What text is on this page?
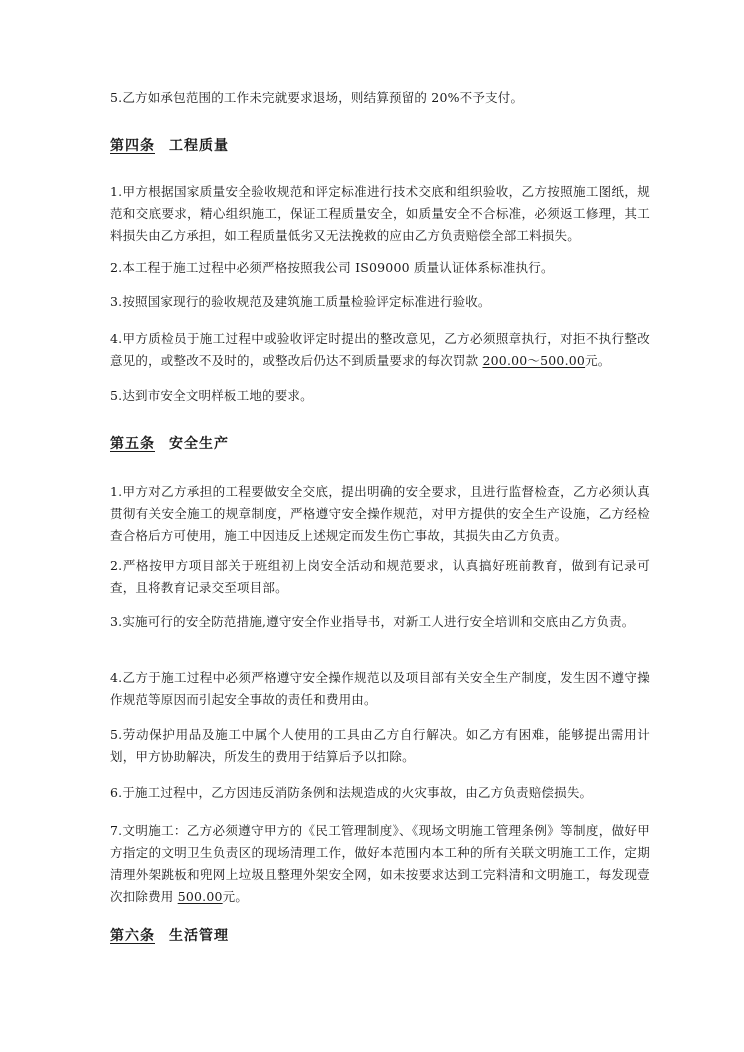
5.乙方如承包范围的工作未完就要求退场，则结算预留的 20%不予支付。
第四条 工程质量
1.甲方根据国家质量安全验收规范和评定标准进行技术交底和组织验收，乙方按照施工图纸，规范和交底要求，精心组织施工，保证工程质量安全，如质量安全不合标准，必须返工修理，其工料损失由乙方承担，如工程质量低劣又无法挽救的应由乙方负责赔偿全部工料损失。
2.本工程于施工过程中必须严格按照我公司 IS09000 质量认证体系标准执行。
3.按照国家现行的验收规范及建筑施工质量检验评定标准进行验收。
4.甲方质检员于施工过程中或验收评定时提出的整改意见，乙方必须照章执行，对拒不执行整改意见的，或整改不及时的，或整改后仍达不到质量要求的每次罚款 200.00～500.00元。
5.达到市安全文明样板工地的要求。
第五条 安全生产
1.甲方对乙方承担的工程要做安全交底，提出明确的安全要求，且进行监督检查，乙方必须认真贯彻有关安全施工的规章制度，严格遵守安全操作规范，对甲方提供的安全生产设施，乙方经检查合格后方可使用，施工中因违反上述规定而发生伤亡事故，其损失由乙方负责。
2.严格按甲方项目部关于班组初上岗安全活动和规范要求，认真搞好班前教育，做到有记录可查，且将教育记录交至项目部。
3.实施可行的安全防范措施,遵守安全作业指导书，对新工人进行安全培训和交底由乙方负责。
4.乙方于施工过程中必须严格遵守安全操作规范以及项目部有关安全生产制度，发生因不遵守操作规范等原因而引起安全事故的责任和费用由。
5.劳动保护用品及施工中属个人使用的工具由乙方自行解决。如乙方有困难，能够提出需用计划，甲方协助解决，所发生的费用于结算后予以扣除。
6.于施工过程中，乙方因违反消防条例和法规造成的火灾事故，由乙方负责赔偿损失。
7.文明施工：乙方必须遵守甲方的《民工管理制度》、《现场文明施工管理条例》等制度，做好甲方指定的文明卫生负责区的现场清理工作，做好本范围内本工种的所有关联文明施工工作，定期清理外架跳板和兜网上垃圾且整理外架安全网，如未按要求达到工完料清和文明施工，每发现壹次扣除费用 500.00元。
第六条 生活管理
